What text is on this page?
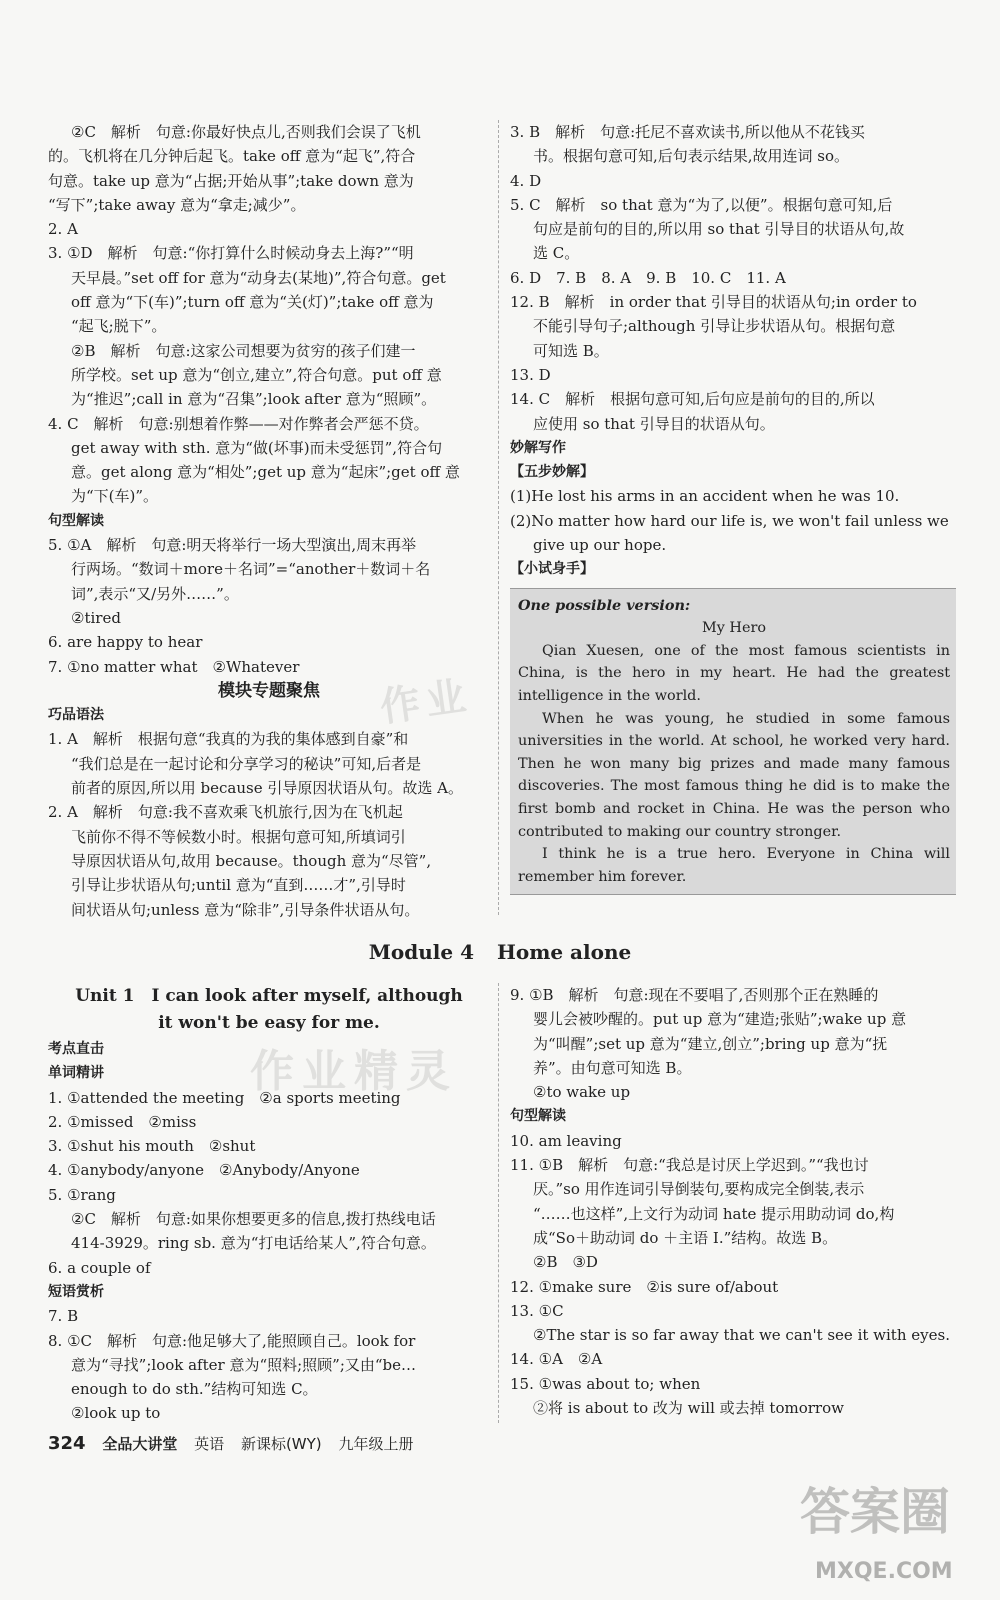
②C　解析　句意:你最好快点儿,否则我们会误了飞机
的。飞机将在几分钟后起飞。take off 意为“起飞”,符合
句意。take up 意为“占据;开始从事”;take down 意为
“写下”;take away 意为“拿走;减少”。
2. A
3. ①D　解析　句意:“你打算什么时候动身去上海?”“明
天早晨。”set off for 意为“动身去(某地)”,符合句意。get
off 意为“下(车)”;turn off 意为“关(灯)”;take off 意为
“起飞;脱下”。
②B　解析　句意:这家公司想要为贫穷的孩子们建一
所学校。set up 意为“创立,建立”,符合句意。put off 意
为“推迟”;call in 意为“召集”;look after 意为“照顾”。
4. C　解析　句意:别想着作弊——对作弊者会严惩不贷。
get away with sth. 意为“做(坏事)而未受惩罚”,符合句
意。get along 意为“相处”;get up 意为“起床”;get off 意
为“下(车)”。
句型解读
5. ①A　解析　句意:明天将举行一场大型演出,周末再举
行两场。“数词＋more＋名词”=“another＋数词＋名
词”,表示“又/另外……”。
②tired
6. are happy to hear
7. ①no matter what　②Whatever
模块专题聚焦
巧品语法
1. A　解析　根据句意“我真的为我的集体感到自豪”和
“我们总是在一起讨论和分享学习的秘诀”可知,后者是
前者的原因,所以用 because 引导原因状语从句。故选 A。
2. A　解析　句意:我不喜欢乘飞机旅行,因为在飞机起
飞前你不得不等候数小时。根据句意可知,所填词引
导原因状语从句,故用 because。though 意为“尽管”,
引导让步状语从句;until 意为“直到……才”,引导时
间状语从句;unless 意为“除非”,引导条件状语从句。
3. B　解析　句意:托尼不喜欢读书,所以他从不花钱买
书。根据句意可知,后句表示结果,故用连词 so。
4. D
5. C　解析　so that 意为“为了,以便”。根据句意可知,后
句应是前句的目的,所以用 so that 引导目的状语从句,故
选 C。
6. D　7. B　8. A　9. B　10. C　11. A
12. B　解析　in order that 引导目的状语从句;in order to
不能引导句子;although 引导让步状语从句。根据句意
可知选 B。
13. D
14. C　解析　根据句意可知,后句应是前句的目的,所以
应使用 so that 引导目的状语从句。
妙解写作
【五步妙解】
(1)He lost his arms in an accident when he was 10.
(2)No matter how hard our life is, we won't fail unless we
give up our hope.
【小试身手】
One possible version:
My Hero

Qian Xuesen, one of the most famous scientists in China, is the hero in my heart. He had the greatest intelligence in the world.

When he was young, he studied in some famous universities in the world. At school, he worked very hard. Then he won many big prizes and made many famous discoveries. The most famous thing he did is to make the first bomb and rocket in China. He was the person who contributed to making our country stronger.

I think he is a true hero. Everyone in China will remember him forever.

Module 4 Home alone
Unit 1　I can look after myself, although
it won't be easy for me.
考点直击
单词精讲
1. ①attended the meeting　②a sports meeting
2. ①missed　②miss
3. ①shut his mouth　②shut
4. ①anybody/anyone　②Anybody/Anyone
5. ①rang
②C　解析　句意:如果你想要更多的信息,拨打热线电话
414-3929。ring sb. 意为“打电话给某人”,符合句意。
6. a couple of
短语赏析
7. B
8. ①C　解析　句意:他足够大了,能照顾自己。look for
意为“寻找”;look after 意为“照料;照顾”;又由“be…
enough to do sth.”结构可知选 C。
②look up to
9. ①B　解析　句意:现在不要唱了,否则那个正在熟睡的
婴儿会被吵醒的。put up 意为“建造;张贴”;wake up 意
为“叫醒”;set up 意为“建立,创立”;bring up 意为“抚
养”。由句意可知选 B。
②to wake up
句型解读
10. am leaving
11. ①B　解析　句意:“我总是讨厌上学迟到。”“我也讨
厌。”so 用作连词引导倒装句,要构成完全倒装,表示
“……也这样”,上文行为动词 hate 提示用助动词 do,构
成“So＋助动词 do ＋主语 I.”结构。故选 B。
②B　③D
12. ①make sure　②is sure of/about
13. ①C
②The star is so far away that we can't see it with eyes.
14. ①A　②A
15. ①was about to; when
②将 is about to 改为 will 或去掉 tomorrow
324 全品大讲堂 英语 新课标(WY) 九年级上册
作业精灵
作业
答案圈
MXQE.COM
